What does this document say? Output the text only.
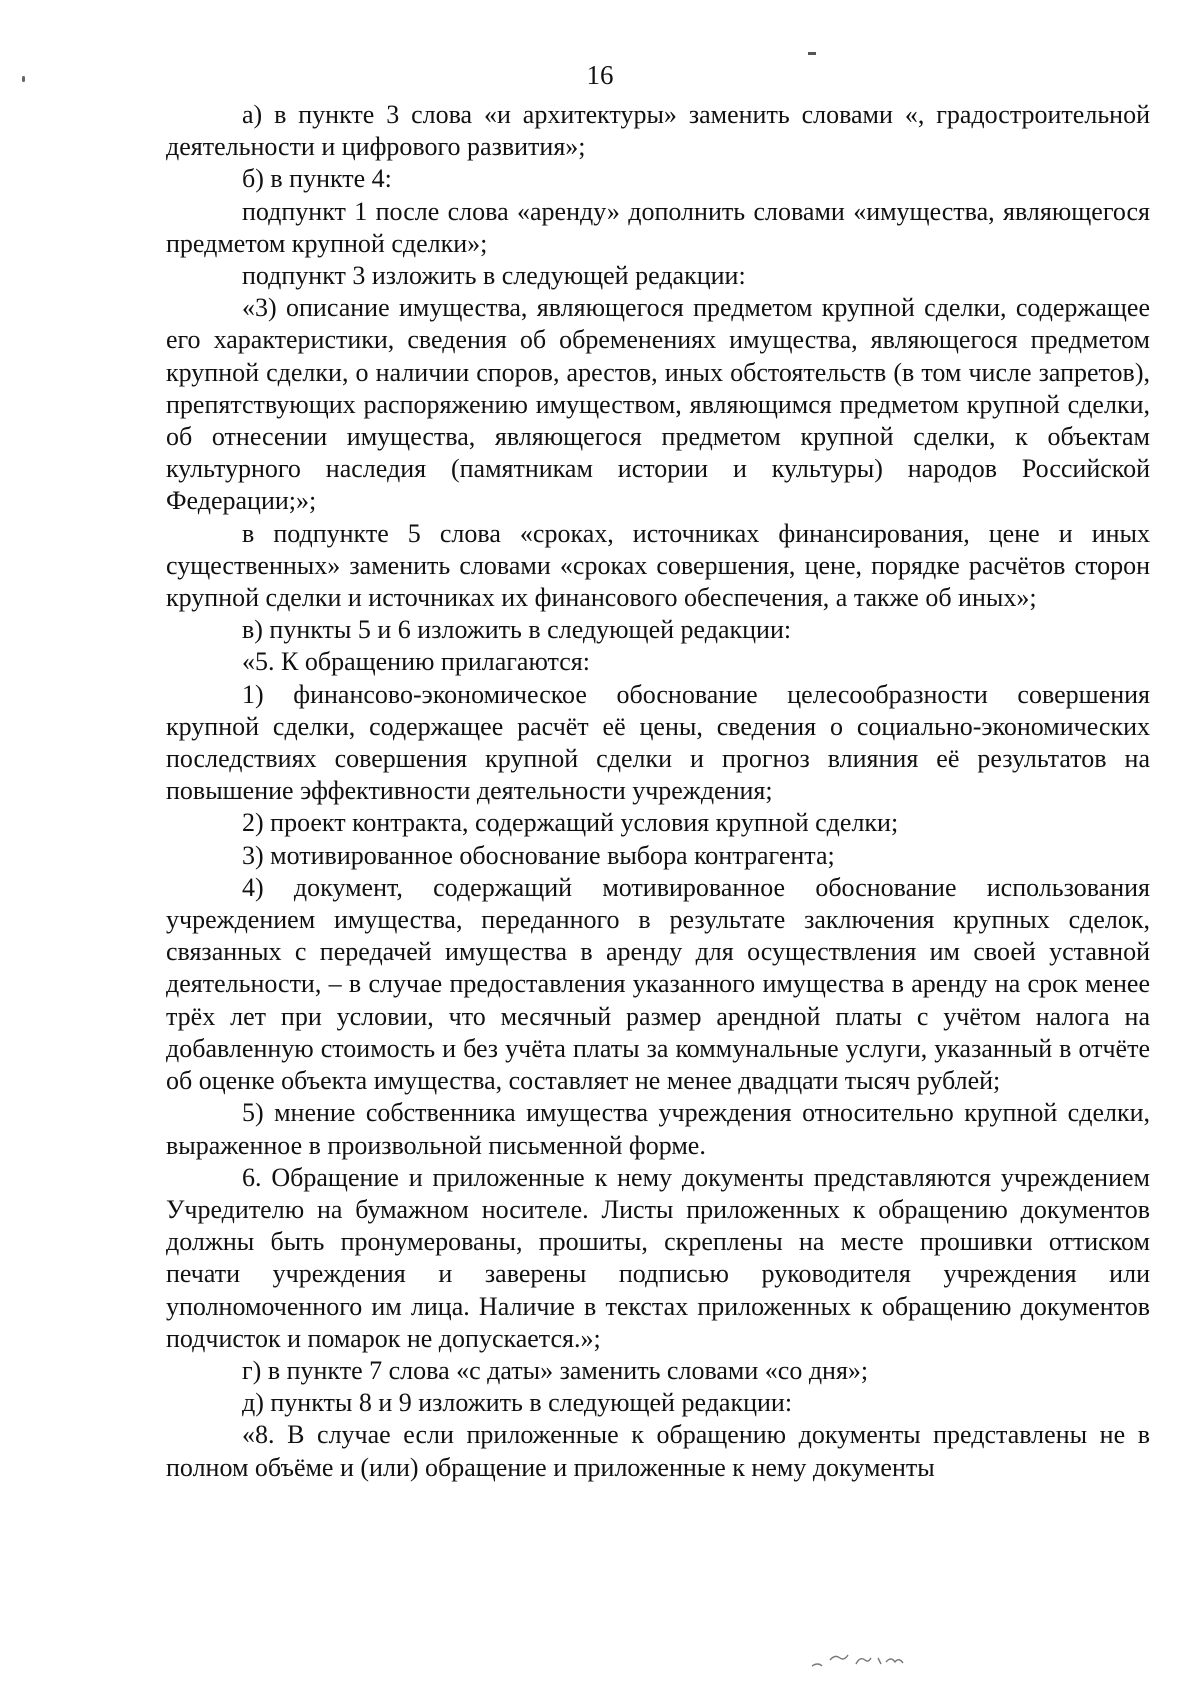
16

а) в пункте 3 слова «и архитектуры» заменить словами «, градостроительной деятельности и цифрового развития»;

б) в пункте 4:

подпункт 1 после слова «аренду» дополнить словами «имущества, являющегося предметом крупной сделки»;

подпункт 3 изложить в следующей редакции:

«3) описание имущества, являющегося предметом крупной сделки, содержащее его характеристики, сведения об обременениях имущества, являющегося предметом крупной сделки, о наличии споров, арестов, иных обстоятельств (в том числе запретов), препятствующих распоряжению имуществом, являющимся предметом крупной сделки, об отнесении имущества, являющегося предметом крупной сделки, к объектам культурного наследия (памятникам истории и культуры) народов Российской Федерации;»;

в подпункте 5 слова «сроках, источниках финансирования, цене и иных существенных» заменить словами «сроках совершения, цене, порядке расчётов сторон крупной сделки и источниках их финансового обеспечения, а также об иных»;

в) пункты 5 и 6 изложить в следующей редакции:

«5. К обращению прилагаются:

1) финансово-экономическое обоснование целесообразности совершения крупной сделки, содержащее расчёт её цены, сведения о социально-экономических последствиях совершения крупной сделки и прогноз влияния её результатов на повышение эффективности деятельности учреждения;

2) проект контракта, содержащий условия крупной сделки;

3) мотивированное обоснование выбора контрагента;

4) документ, содержащий мотивированное обоснование использования учреждением имущества, переданного в результате заключения крупных сделок, связанных с передачей имущества в аренду для осуществления им своей уставной деятельности, – в случае предоставления указанного имущества в аренду на срок менее трёх лет при условии, что месячный размер арендной платы с учётом налога на добавленную стоимость и без учёта платы за коммунальные услуги, указанный в отчёте об оценке объекта имущества, составляет не менее двадцати тысяч рублей;

5) мнение собственника имущества учреждения относительно крупной сделки, выраженное в произвольной письменной форме.

6. Обращение и приложенные к нему документы представляются учреждением Учредителю на бумажном носителе. Листы приложенных к обращению документов должны быть пронумерованы, прошиты, скреплены на месте прошивки оттиском печати учреждения и заверены подписью руководителя учреждения или уполномоченного им лица. Наличие в текстах приложенных к обращению документов подчисток и помарок не допускается.»;

г) в пункте 7 слова «с даты» заменить словами «со дня»;

д) пункты 8 и 9 изложить в следующей редакции:

«8. В случае если приложенные к обращению документы представлены не в полном объёме и (или) обращение и приложенные к нему документы
